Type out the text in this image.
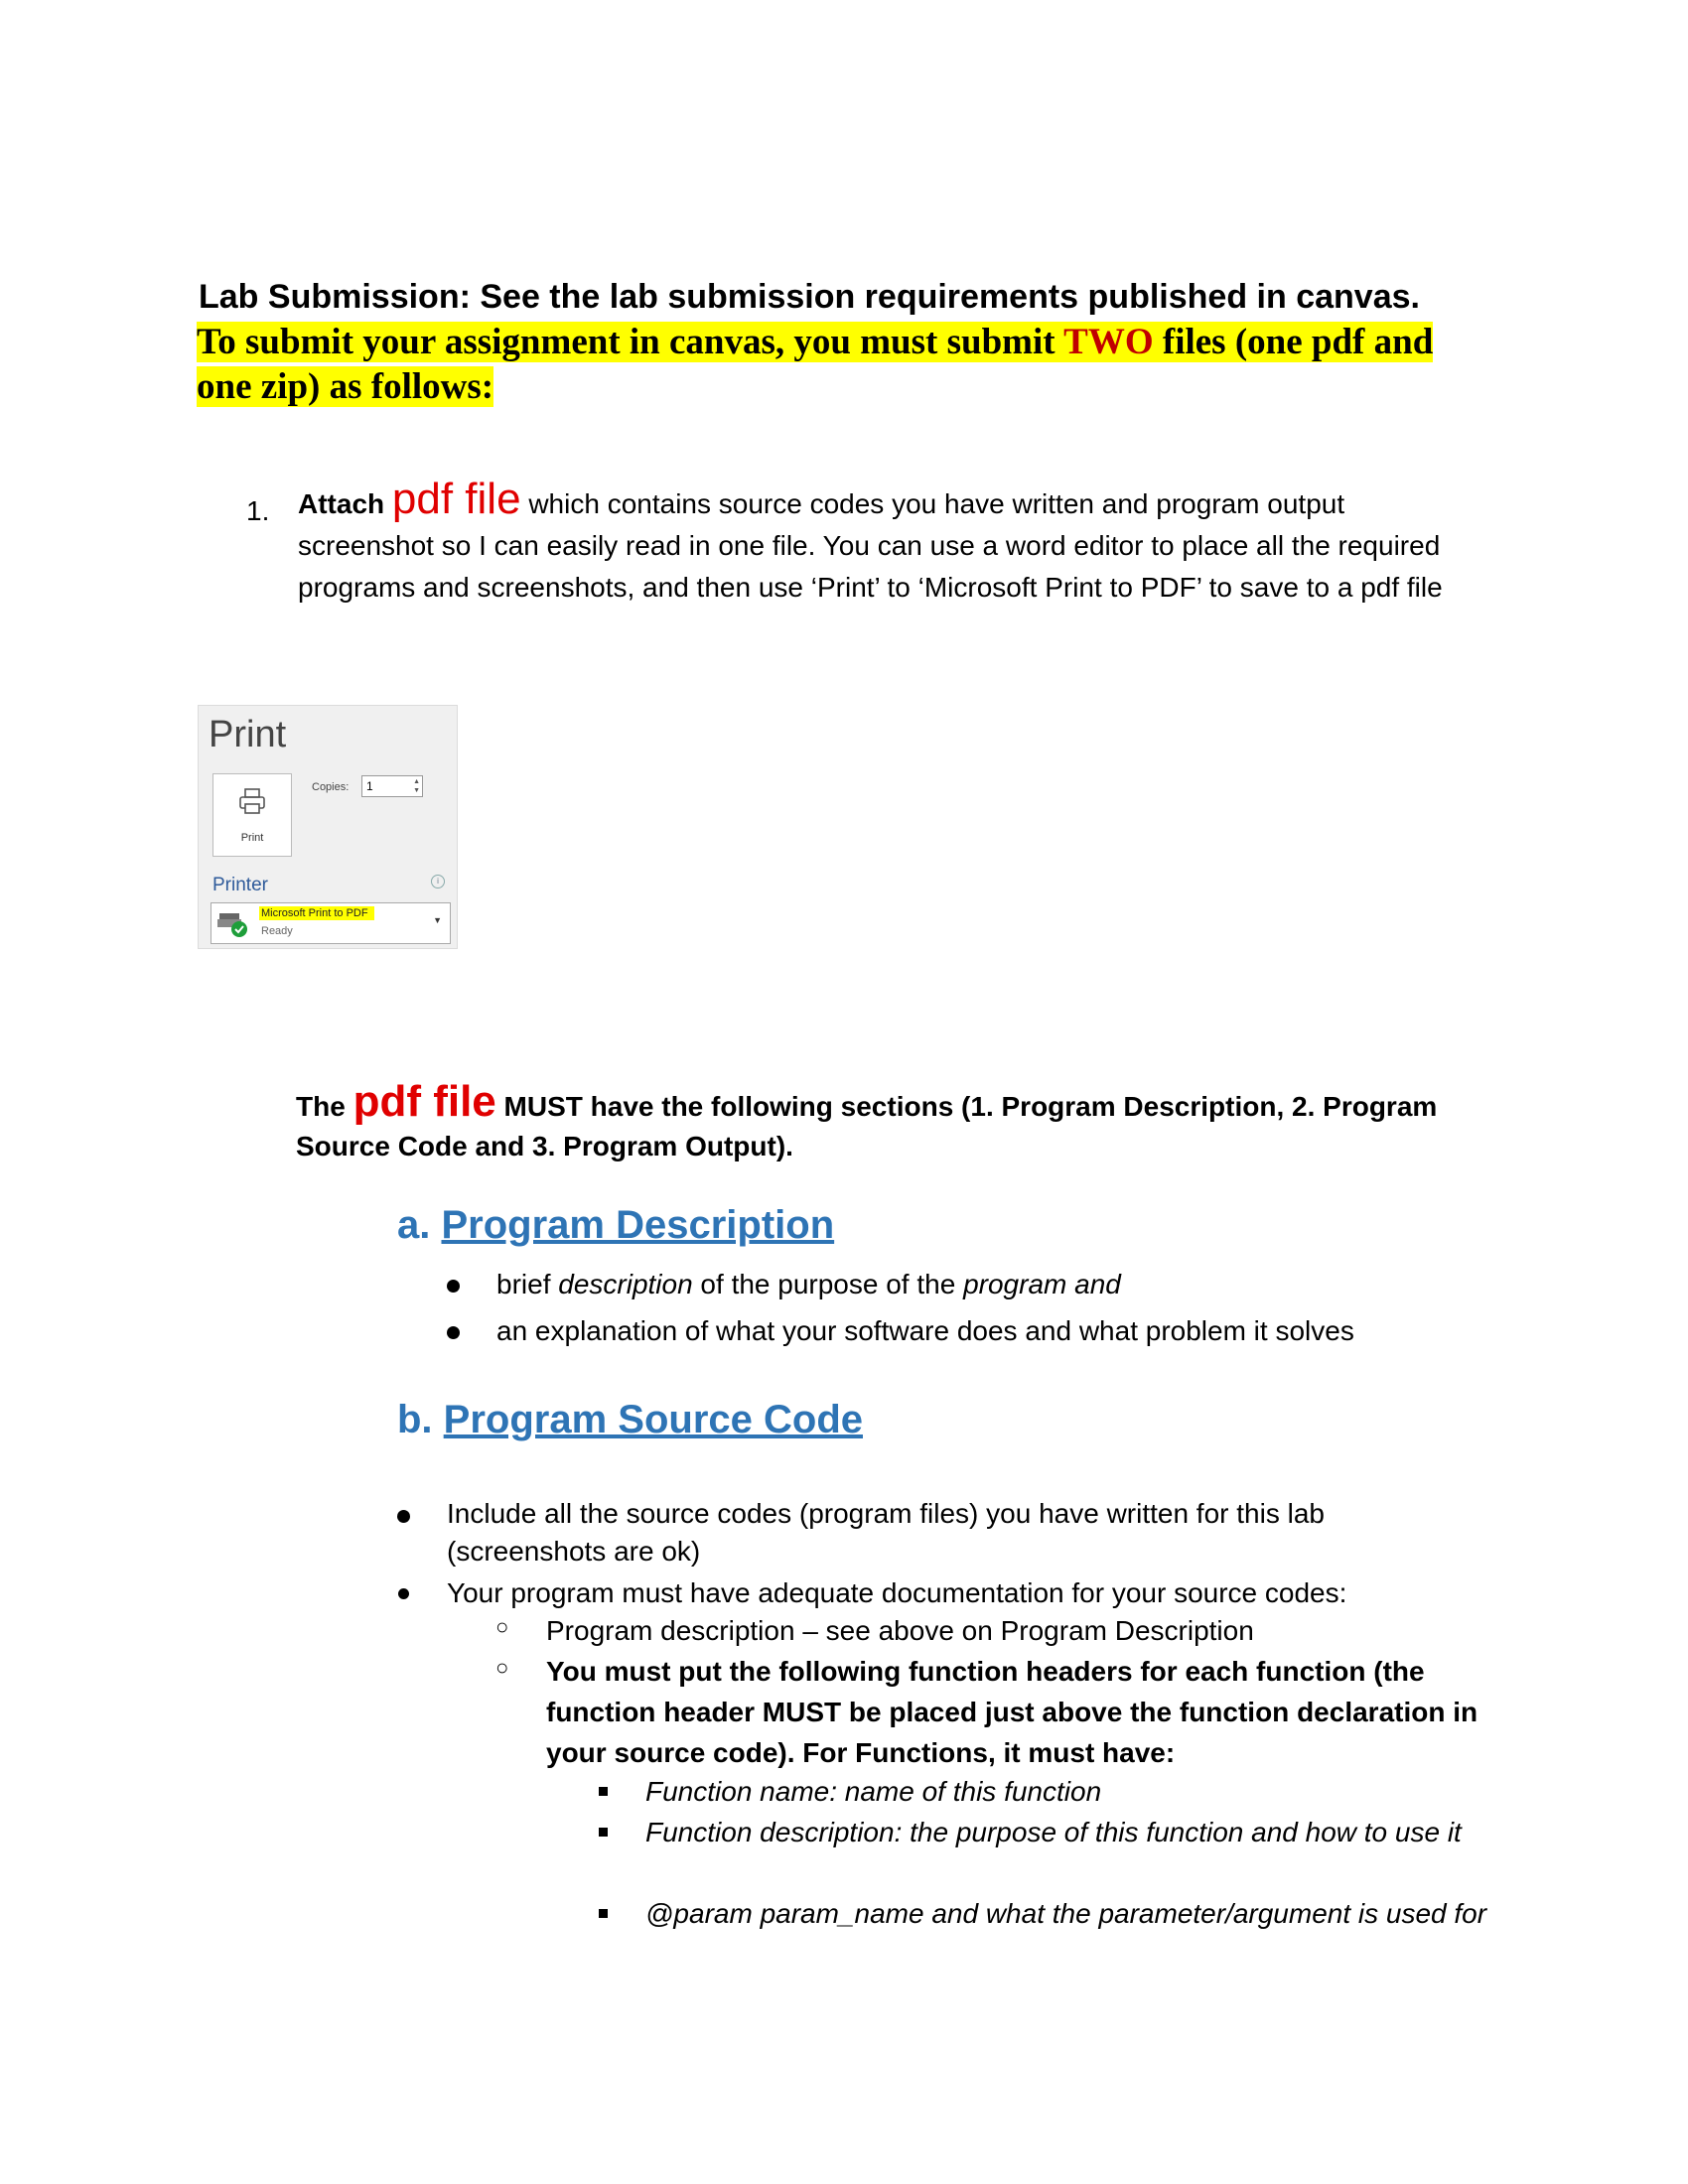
Lab Submission: See the lab submission requirements published in canvas.
To submit your assignment in canvas, you must submit TWO files (one pdf and one zip) as follows:
1. Attach pdf file which contains source codes you have written and program output screenshot so I can easily read in one file. You can use a word editor to place all the required programs and screenshots, and then use ‘Print’ to ‘Microsoft Print to PDF’ to save to a pdf file
Print
Print
Copies:	1	▲
▼
Printer	i
Microsoft Print to PDF
Ready
▼
The pdf file MUST have the following sections (1. Program Description, 2. Program Source Code and 3. Program Output).
a. Program Description
brief description of the purpose of the program and
an explanation of what your software does and what problem it solves
b. Program Source Code
Include all the source codes (program files) you have written for this lab (screenshots are ok)
Your program must have adequate documentation for your source codes:
○ Program description – see above on Program Description
○ You must put the following function headers for each function (the function header MUST be placed just above the function declaration in your source code). For Functions, it must have:
Function name: name of this function
Function description: the purpose of this function and how to use it
@param param_name and what the parameter/argument is used for
